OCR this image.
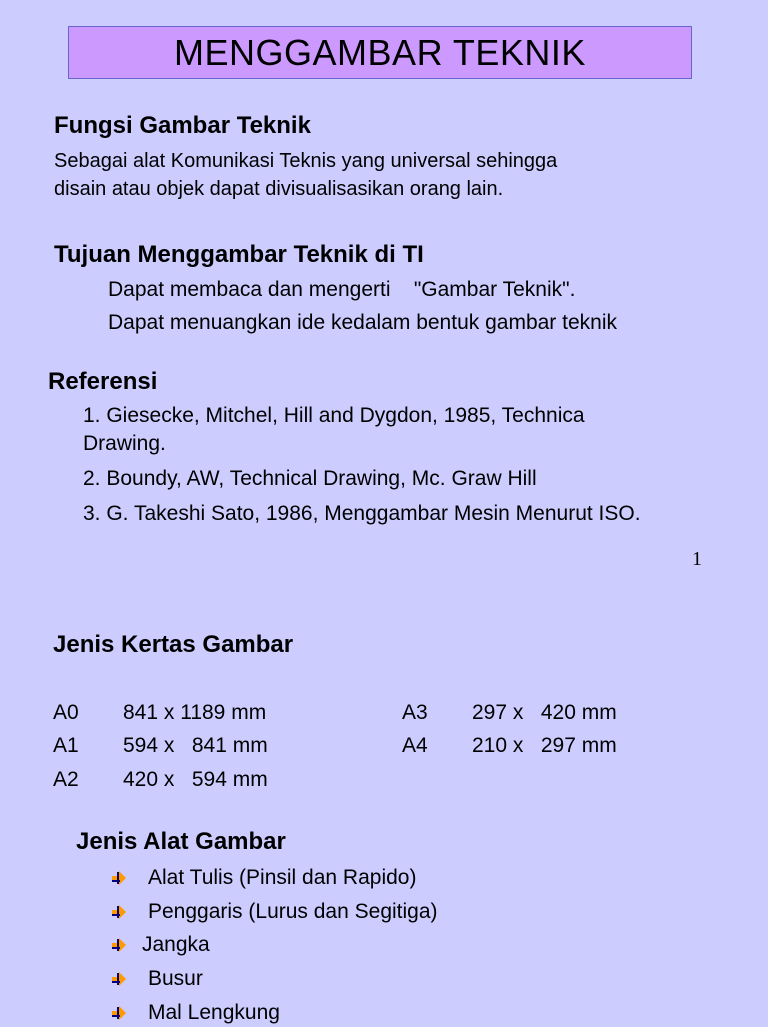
MENGGAMBAR TEKNIK
Fungsi Gambar Teknik
Sebagai alat Komunikasi Teknis yang universal sehingga
disain atau objek dapat divisualisasikan orang lain.
Tujuan Menggambar Teknik di TI
Dapat membaca dan mengerti    "Gambar Teknik".
Dapat menuangkan ide kedalam bentuk gambar teknik
Referensi
1. Giesecke, Mitchel, Hill and Dygdon, 1985, Technica
Drawing.
2. Boundy, AW, Technical Drawing, Mc. Graw Hill
3. G. Takeshi Sato, 1986, Menggambar Mesin Menurut ISO.
1
Jenis Kertas Gambar
A0 841 x 1189 mm
A1 594 x   841 mm
A2 420 x   594 mm
A3 297 x   420 mm
A4 210 x   297 mm
Jenis Alat Gambar
Alat Tulis (Pinsil dan Rapido)
Penggaris (Lurus dan Segitiga)
Jangka
Busur
Mal Lengkung
